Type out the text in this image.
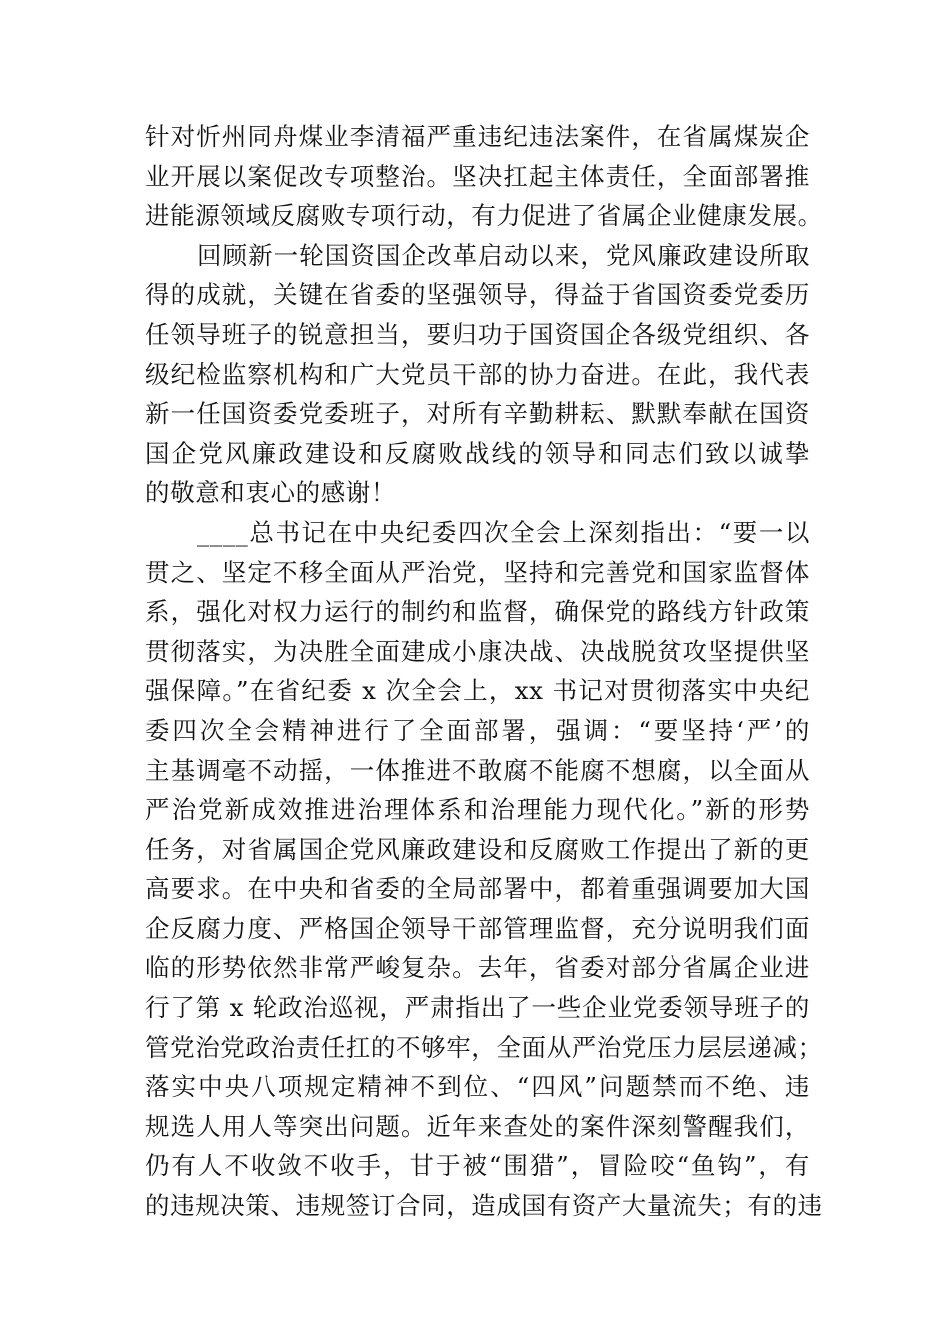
针对忻州同舟煤业李清福严重违纪违法案件，在省属煤炭企
业开展以案促改专项整治。坚决扛起主体责任，全面部署推
进能源领域反腐败专项行动，有力促进了省属企业健康发展。
回顾新一轮国资国企改革启动以来，党风廉政建设所取
得的成就，关键在省委的坚强领导，得益于省国资委党委历
任领导班子的锐意担当，要归功于国资国企各级党组织、各
级纪检监察机构和广大党员干部的协力奋进。在此，我代表
新一任国资委党委班子，对所有辛勤耕耘、默默奉献在国资
国企党风廉政建设和反腐败战线的领导和同志们致以诚挚
的敬意和衷心的感谢！
____总书记在中央纪委四次全会上深刻指出：“要一以
贯之、坚定不移全面从严治党，坚持和完善党和国家监督体
系，强化对权力运行的制约和监督，确保党的路线方针政策
贯彻落实，为决胜全面建成小康决战、决战脱贫攻坚提供坚
强保障。”在省纪委 x 次全会上，xx 书记对贯彻落实中央纪
委四次全会精神进行了全面部署，强调：“要坚持‘严’的
主基调毫不动摇，一体推进不敢腐不能腐不想腐，以全面从
严治党新成效推进治理体系和治理能力现代化。”新的形势
任务，对省属国企党风廉政建设和反腐败工作提出了新的更
高要求。在中央和省委的全局部署中，都着重强调要加大国
企反腐力度、严格国企领导干部管理监督，充分说明我们面
临的形势依然非常严峻复杂。去年，省委对部分省属企业进
行了第 x 轮政治巡视，严肃指出了一些企业党委领导班子的
管党治党政治责任扛的不够牢，全面从严治党压力层层递减；
落实中央八项规定精神不到位、“四风”问题禁而不绝、违
规选人用人等突出问题。近年来查处的案件深刻警醒我们，
仍有人不收敛不收手，甘于被“围猎”，冒险咬“鱼钩”，有
的违规决策、违规签订合同，造成国有资产大量流失；有的违
